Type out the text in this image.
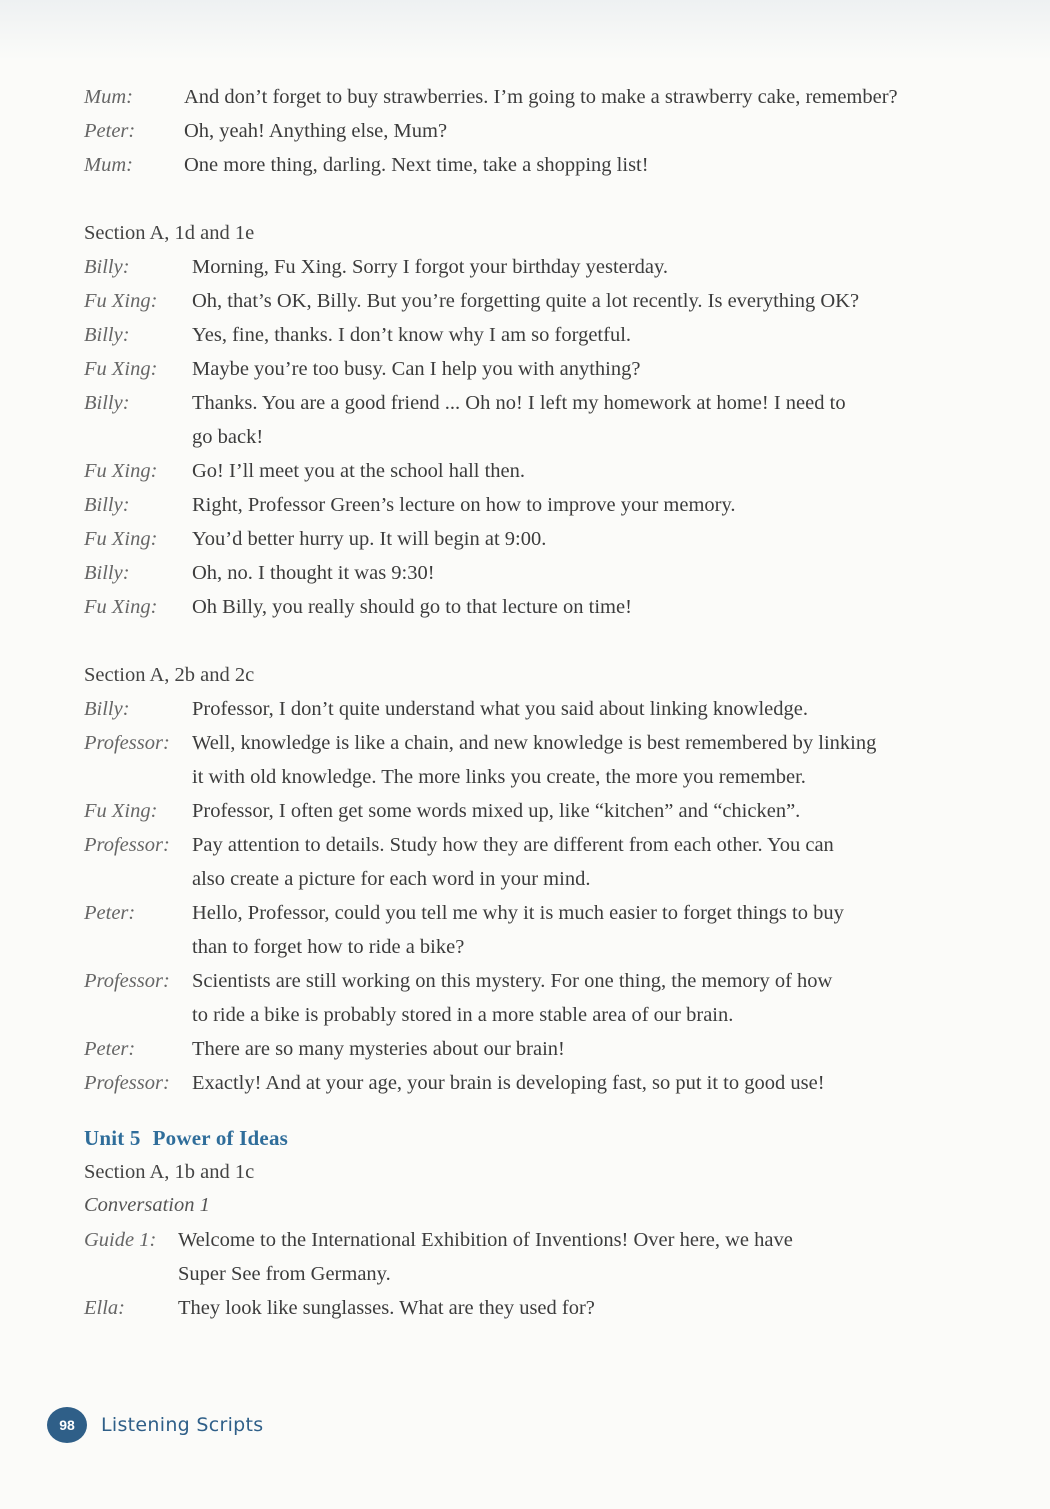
Mum:	And don’t forget to buy strawberries. I’m going to make a strawberry cake, remember?
Peter:	Oh, yeah! Anything else, Mum?
Mum:	One more thing, darling. Next time, take a shopping list!
Section A, 1d and 1e
Billy:	Morning, Fu Xing. Sorry I forgot your birthday yesterday.
Fu Xing:	Oh, that’s OK, Billy. But you’re forgetting quite a lot recently. Is everything OK?
Billy:	Yes, fine, thanks. I don’t know why I am so forgetful.
Fu Xing:	Maybe you’re too busy. Can I help you with anything?
Billy:	Thanks. You are a good friend ... Oh no! I left my homework at home! I need to
go back!
Fu Xing:	Go! I’ll meet you at the school hall then.
Billy:	Right, Professor Green’s lecture on how to improve your memory.
Fu Xing:	You’d better hurry up. It will begin at 9:00.
Billy:	Oh, no. I thought it was 9:30!
Fu Xing:	Oh Billy, you really should go to that lecture on time!
Section A, 2b and 2c
Billy:	Professor, I don’t quite understand what you said about linking knowledge.
Professor:	Well, knowledge is like a chain, and new knowledge is best remembered by linking
it with old knowledge. The more links you create, the more you remember.
Fu Xing:	Professor, I often get some words mixed up, like “kitchen” and “chicken”.
Professor:	Pay attention to details. Study how they are different from each other. You can
also create a picture for each word in your mind.
Peter:	Hello, Professor, could you tell me why it is much easier to forget things to buy
than to forget how to ride a bike?
Professor:	Scientists are still working on this mystery. For one thing, the memory of how
to ride a bike is probably stored in a more stable area of our brain.
Peter:	There are so many mysteries about our brain!
Professor:	Exactly! And at your age, your brain is developing fast, so put it to good use!
Unit 5 Power of Ideas
Section A, 1b and 1c
Conversation 1
Guide 1:	Welcome to the International Exhibition of Inventions! Over here, we have
Super See from Germany.
Ella:	They look like sunglasses. What are they used for?
98	Listening Scripts
